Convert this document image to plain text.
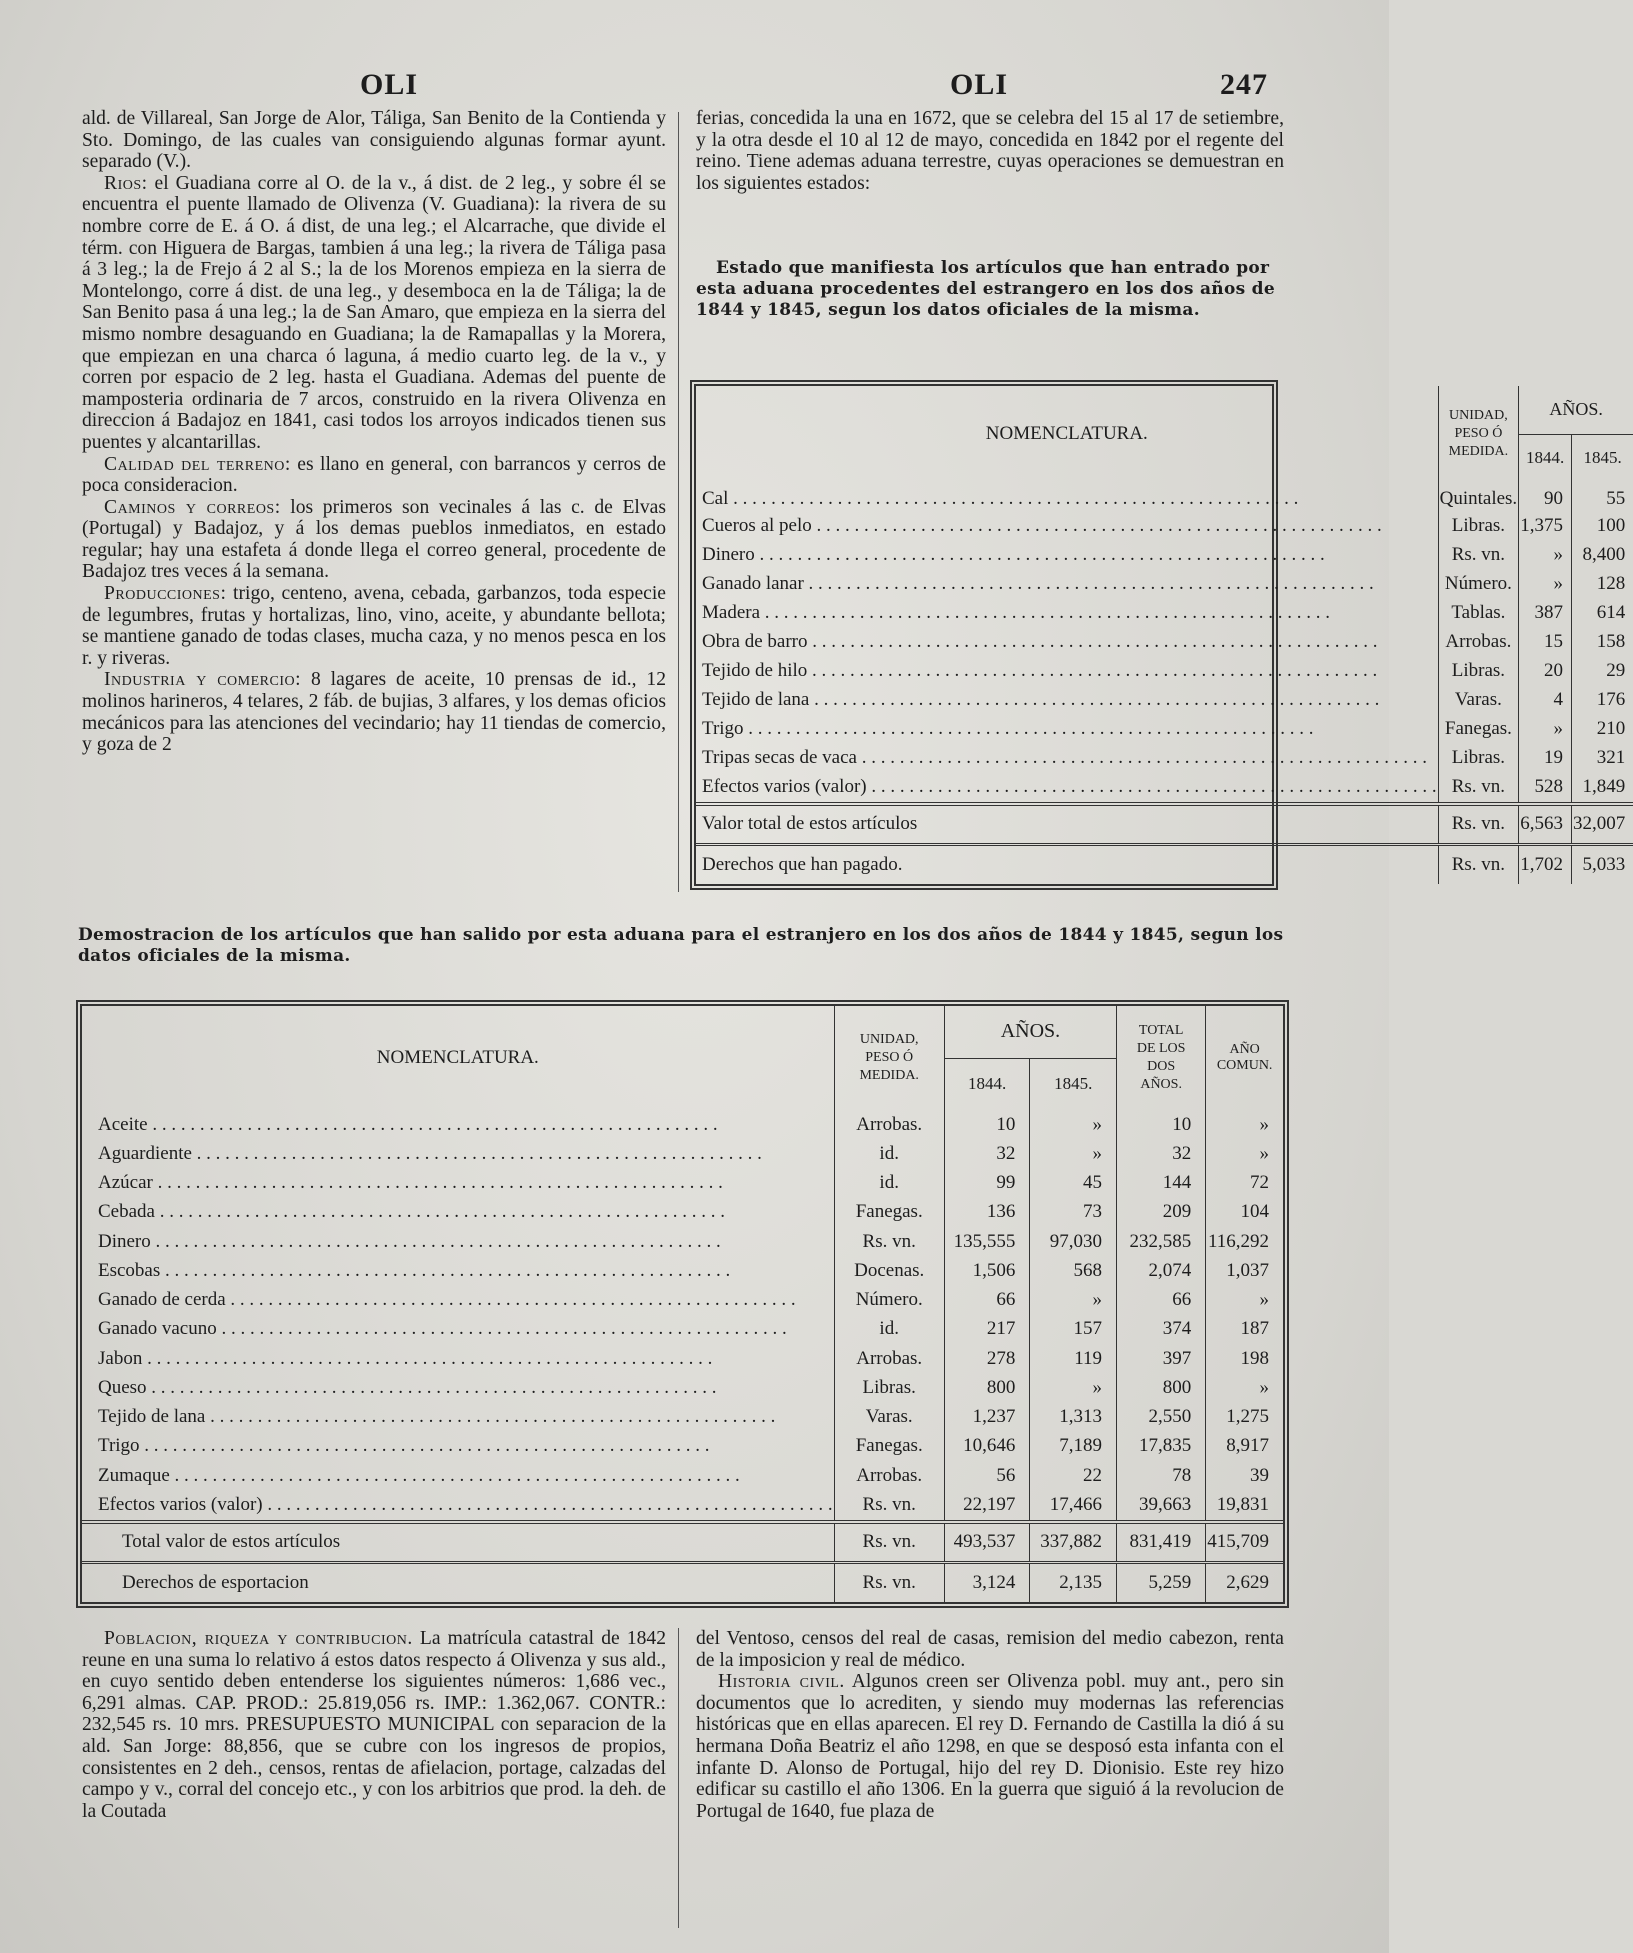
OLI	OLI	247

ald. de Villareal, San Jorge de Alor, Táliga, San Benito de la Contienda y Sto. Domingo, de las cuales van consiguiendo algunas formar ayunt. separado (V.).

Rios: el Guadiana corre al O. de la v., á dist. de 2 leg., y sobre él se encuentra el puente llamado de Olivenza (V. Guadiana): la rivera de su nombre corre de E. á O. á dist, de una leg.; el Alcarrache, que divide el térm. con Higuera de Bargas, tambien á una leg.; la rivera de Táliga pasa á 3 leg.; la de Frejo á 2 al S.; la de los Morenos empieza en la sierra de Montelongo, corre á dist. de una leg., y desemboca en la de Táliga; la de San Benito pasa á una leg.; la de San Amaro, que empieza en la sierra del mismo nombre desaguando en Guadiana; la de Ramapallas y la Morera, que empiezan en una charca ó laguna, á medio cuarto leg. de la v., y corren por espacio de 2 leg. hasta el Guadiana. Ademas del puente de mamposteria ordinaria de 7 arcos, construido en la rivera Olivenza en direccion á Badajoz en 1841, casi todos los arroyos indicados tienen sus puentes y alcantarillas.

Calidad del terreno: es llano en general, con barrancos y cerros de poca consideracion.

Caminos y correos: los primeros son vecinales á las c. de Elvas (Portugal) y Badajoz, y á los demas pueblos inmediatos, en estado regular; hay una estafeta á donde llega el correo general, procedente de Badajoz tres veces á la semana.

Producciones: trigo, centeno, avena, cebada, garbanzos, toda especie de legumbres, frutas y hortalizas, lino, vino, aceite, y abundante bellota; se mantiene ganado de todas clases, mucha caza, y no menos pesca en los r. y riveras.

Industria y comercio: 8 lagares de aceite, 10 prensas de id., 12 molinos harineros, 4 telares, 2 fáb. de bujias, 3 alfares, y los demas oficios mecánicos para las atenciones del vecindario; hay 11 tiendas de comercio, y goza de 2

ferias, concedida la una en 1672, que se celebra del 15 al 17 de setiembre, y la otra desde el 10 al 12 de mayo, concedida en 1842 por el regente del reino. Tiene ademas aduana terrestre, cuyas operaciones se demuestran en los siguientes estados:

Estado que manifiesta los artículos que han entrado por esta aduana procedentes del estrangero en los dos años de 1844 y 1845, segun los datos oficiales de la misma.
NOMENCLATURA.	UNIDAD, PESO Ó MEDIDA.	AÑOS.	
		1844.	1845.
Cal . . . . . . . . . . . . . . . . . . . . . . . . . . . . . . . . . . . . . . . . . . . . . . . . . . . . . . . . . . . .	Quintales.	90	55
Cueros al pelo . . . . . . . . . . . . . . . . . . . . . . . . . . . . . . . . . . . . . . . . . . . . . . . . . . . . . . . . . . . .	Libras.	1,375	100
Dinero . . . . . . . . . . . . . . . . . . . . . . . . . . . . . . . . . . . . . . . . . . . . . . . . . . . . . . . . . . . .	Rs. vn.	»	8,400
Ganado lanar . . . . . . . . . . . . . . . . . . . . . . . . . . . . . . . . . . . . . . . . . . . . . . . . . . . . . . . . . . . .	Número.	»	128
Madera . . . . . . . . . . . . . . . . . . . . . . . . . . . . . . . . . . . . . . . . . . . . . . . . . . . . . . . . . . . .	Tablas.	387	614
Obra de barro . . . . . . . . . . . . . . . . . . . . . . . . . . . . . . . . . . . . . . . . . . . . . . . . . . . . . . . . . . . .	Arrobas.	15	158
Tejido de hilo . . . . . . . . . . . . . . . . . . . . . . . . . . . . . . . . . . . . . . . . . . . . . . . . . . . . . . . . . . . .	Libras.	20	29
Tejido de lana . . . . . . . . . . . . . . . . . . . . . . . . . . . . . . . . . . . . . . . . . . . . . . . . . . . . . . . . . . . .	Varas.	4	176
Trigo . . . . . . . . . . . . . . . . . . . . . . . . . . . . . . . . . . . . . . . . . . . . . . . . . . . . . . . . . . . .	Fanegas.	»	210
Tripas secas de vaca . . . . . . . . . . . . . . . . . . . . . . . . . . . . . . . . . . . . . . . . . . . . . . . . . . . . . . . . . . . .	Libras.	19	321
Efectos varios (valor) . . . . . . . . . . . . . . . . . . . . . . . . . . . . . . . . . . . . . . . . . . . . . . . . . . . . . . . . . . . .	Rs. vn.	528	1,849
Valor total de estos artículos	Rs. vn.	6,563	32,007
Derechos que han pagado.	Rs. vn.	1,702	5,033
Demostracion de los artículos que han salido por esta aduana para el estranjero en los dos años de 1844 y 1845, segun los datos oficiales de la misma.
NOMENCLATURA.	UNIDAD, PESO Ó MEDIDA.	AÑOS.		TOTAL DE LOS DOS AÑOS.	AÑO COMUN.
		1844.	1845.		
Aceite . . . . . . . . . . . . . . . . . . . . . . . . . . . . . . . . . . . . . . . . . . . . . . . . . . . . . . . . . . . .	Arrobas.	10	»	10	»
Aguardiente . . . . . . . . . . . . . . . . . . . . . . . . . . . . . . . . . . . . . . . . . . . . . . . . . . . . . . . . . . . .	id.	32	»	32	»
Azúcar . . . . . . . . . . . . . . . . . . . . . . . . . . . . . . . . . . . . . . . . . . . . . . . . . . . . . . . . . . . .	id.	99	45	144	72
Cebada . . . . . . . . . . . . . . . . . . . . . . . . . . . . . . . . . . . . . . . . . . . . . . . . . . . . . . . . . . . .	Fanegas.	136	73	209	104
Dinero . . . . . . . . . . . . . . . . . . . . . . . . . . . . . . . . . . . . . . . . . . . . . . . . . . . . . . . . . . . .	Rs. vn.	135,555	97,030	232,585	116,292
Escobas . . . . . . . . . . . . . . . . . . . . . . . . . . . . . . . . . . . . . . . . . . . . . . . . . . . . . . . . . . . .	Docenas.	1,506	568	2,074	1,037
Ganado de cerda . . . . . . . . . . . . . . . . . . . . . . . . . . . . . . . . . . . . . . . . . . . . . . . . . . . . . . . . . . . .	Número.	66	»	66	»
Ganado vacuno . . . . . . . . . . . . . . . . . . . . . . . . . . . . . . . . . . . . . . . . . . . . . . . . . . . . . . . . . . . .	id.	217	157	374	187
Jabon . . . . . . . . . . . . . . . . . . . . . . . . . . . . . . . . . . . . . . . . . . . . . . . . . . . . . . . . . . . .	Arrobas.	278	119	397	198
Queso . . . . . . . . . . . . . . . . . . . . . . . . . . . . . . . . . . . . . . . . . . . . . . . . . . . . . . . . . . . .	Libras.	800	»	800	»
Tejido de lana . . . . . . . . . . . . . . . . . . . . . . . . . . . . . . . . . . . . . . . . . . . . . . . . . . . . . . . . . . . .	Varas.	1,237	1,313	2,550	1,275
Trigo . . . . . . . . . . . . . . . . . . . . . . . . . . . . . . . . . . . . . . . . . . . . . . . . . . . . . . . . . . . .	Fanegas.	10,646	7,189	17,835	8,917
Zumaque . . . . . . . . . . . . . . . . . . . . . . . . . . . . . . . . . . . . . . . . . . . . . . . . . . . . . . . . . . . .	Arrobas.	56	22	78	39
Efectos varios (valor) . . . . . . . . . . . . . . . . . . . . . . . . . . . . . . . . . . . . . . . . . . . . . . . . . . . . . . . . . . . .	Rs. vn.	22,197	17,466	39,663	19,831
Total valor de estos artículos	Rs. vn.	493,537	337,882	831,419	415,709
Derechos de esportacion	Rs. vn.	3,124	2,135	5,259	2,629

Poblacion, riqueza y contribucion. La matrícula catastral de 1842 reune en una suma lo relativo á estos datos respecto á Olivenza y sus ald., en cuyo sentido deben entenderse los siguientes números: 1,686 vec., 6,291 almas. CAP. PROD.: 25.819,056 rs. IMP.: 1.362,067. CONTR.: 232,545 rs. 10 mrs. PRESUPUESTO MUNICIPAL con separacion de la ald. San Jorge: 88,856, que se cubre con los ingresos de propios, consistentes en 2 deh., censos, rentas de afielacion, portage, calzadas del campo y v., corral del concejo etc., y con los arbitrios que prod. la deh. de la Coutada

del Ventoso, censos del real de casas, remision del medio cabezon, renta de la imposicion y real de médico.

Historia civil. Algunos creen ser Olivenza pobl. muy ant., pero sin documentos que lo acrediten, y siendo muy modernas las referencias históricas que en ellas aparecen. El rey D. Fernando de Castilla la dió á su hermana Doña Beatriz el año 1298, en que se desposó esta infanta con el infante D. Alonso de Portugal, hijo del rey D. Dionisio. Este rey hizo edificar su castillo el año 1306. En la guerra que siguió á la revolucion de Portugal de 1640, fue plaza de
